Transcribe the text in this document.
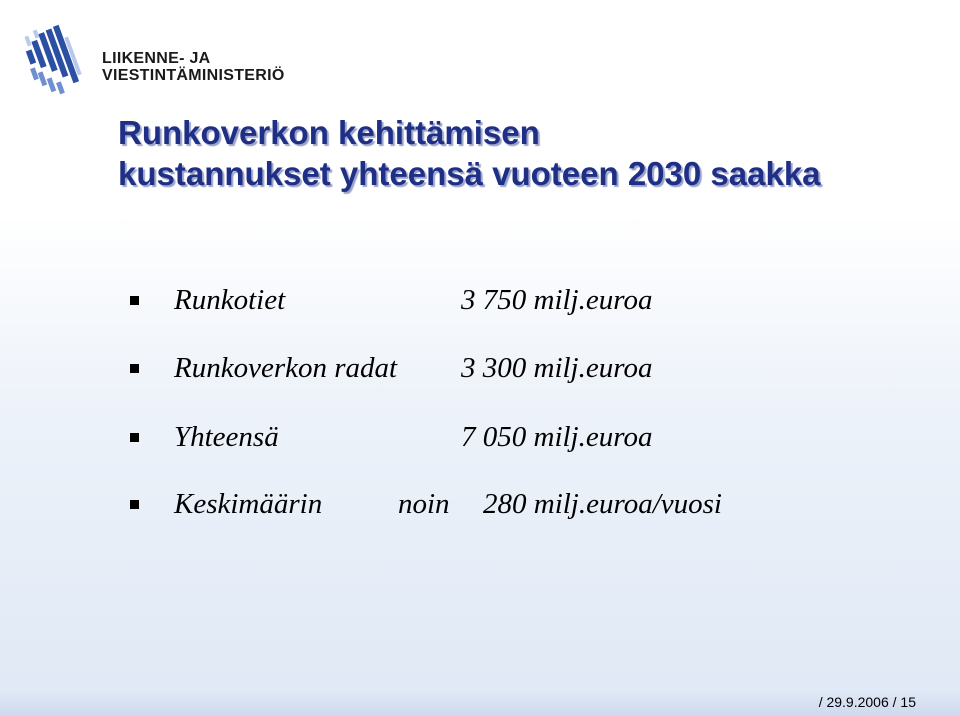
LIIKENNE- JA
VIESTINTÄMINISTERIÖ
Runkoverkon kehittämisen
kustannukset yhteensä vuoteen 2030 saakka
Runkotiet	3 750 milj.euroa
Runkoverkon radat 3 300 milj.euroa
Yhteensä	7 050 milj.euroa
Keskimäärin	noin 280 milj.euroa/vuosi
/ 29.9.2006 / 15
